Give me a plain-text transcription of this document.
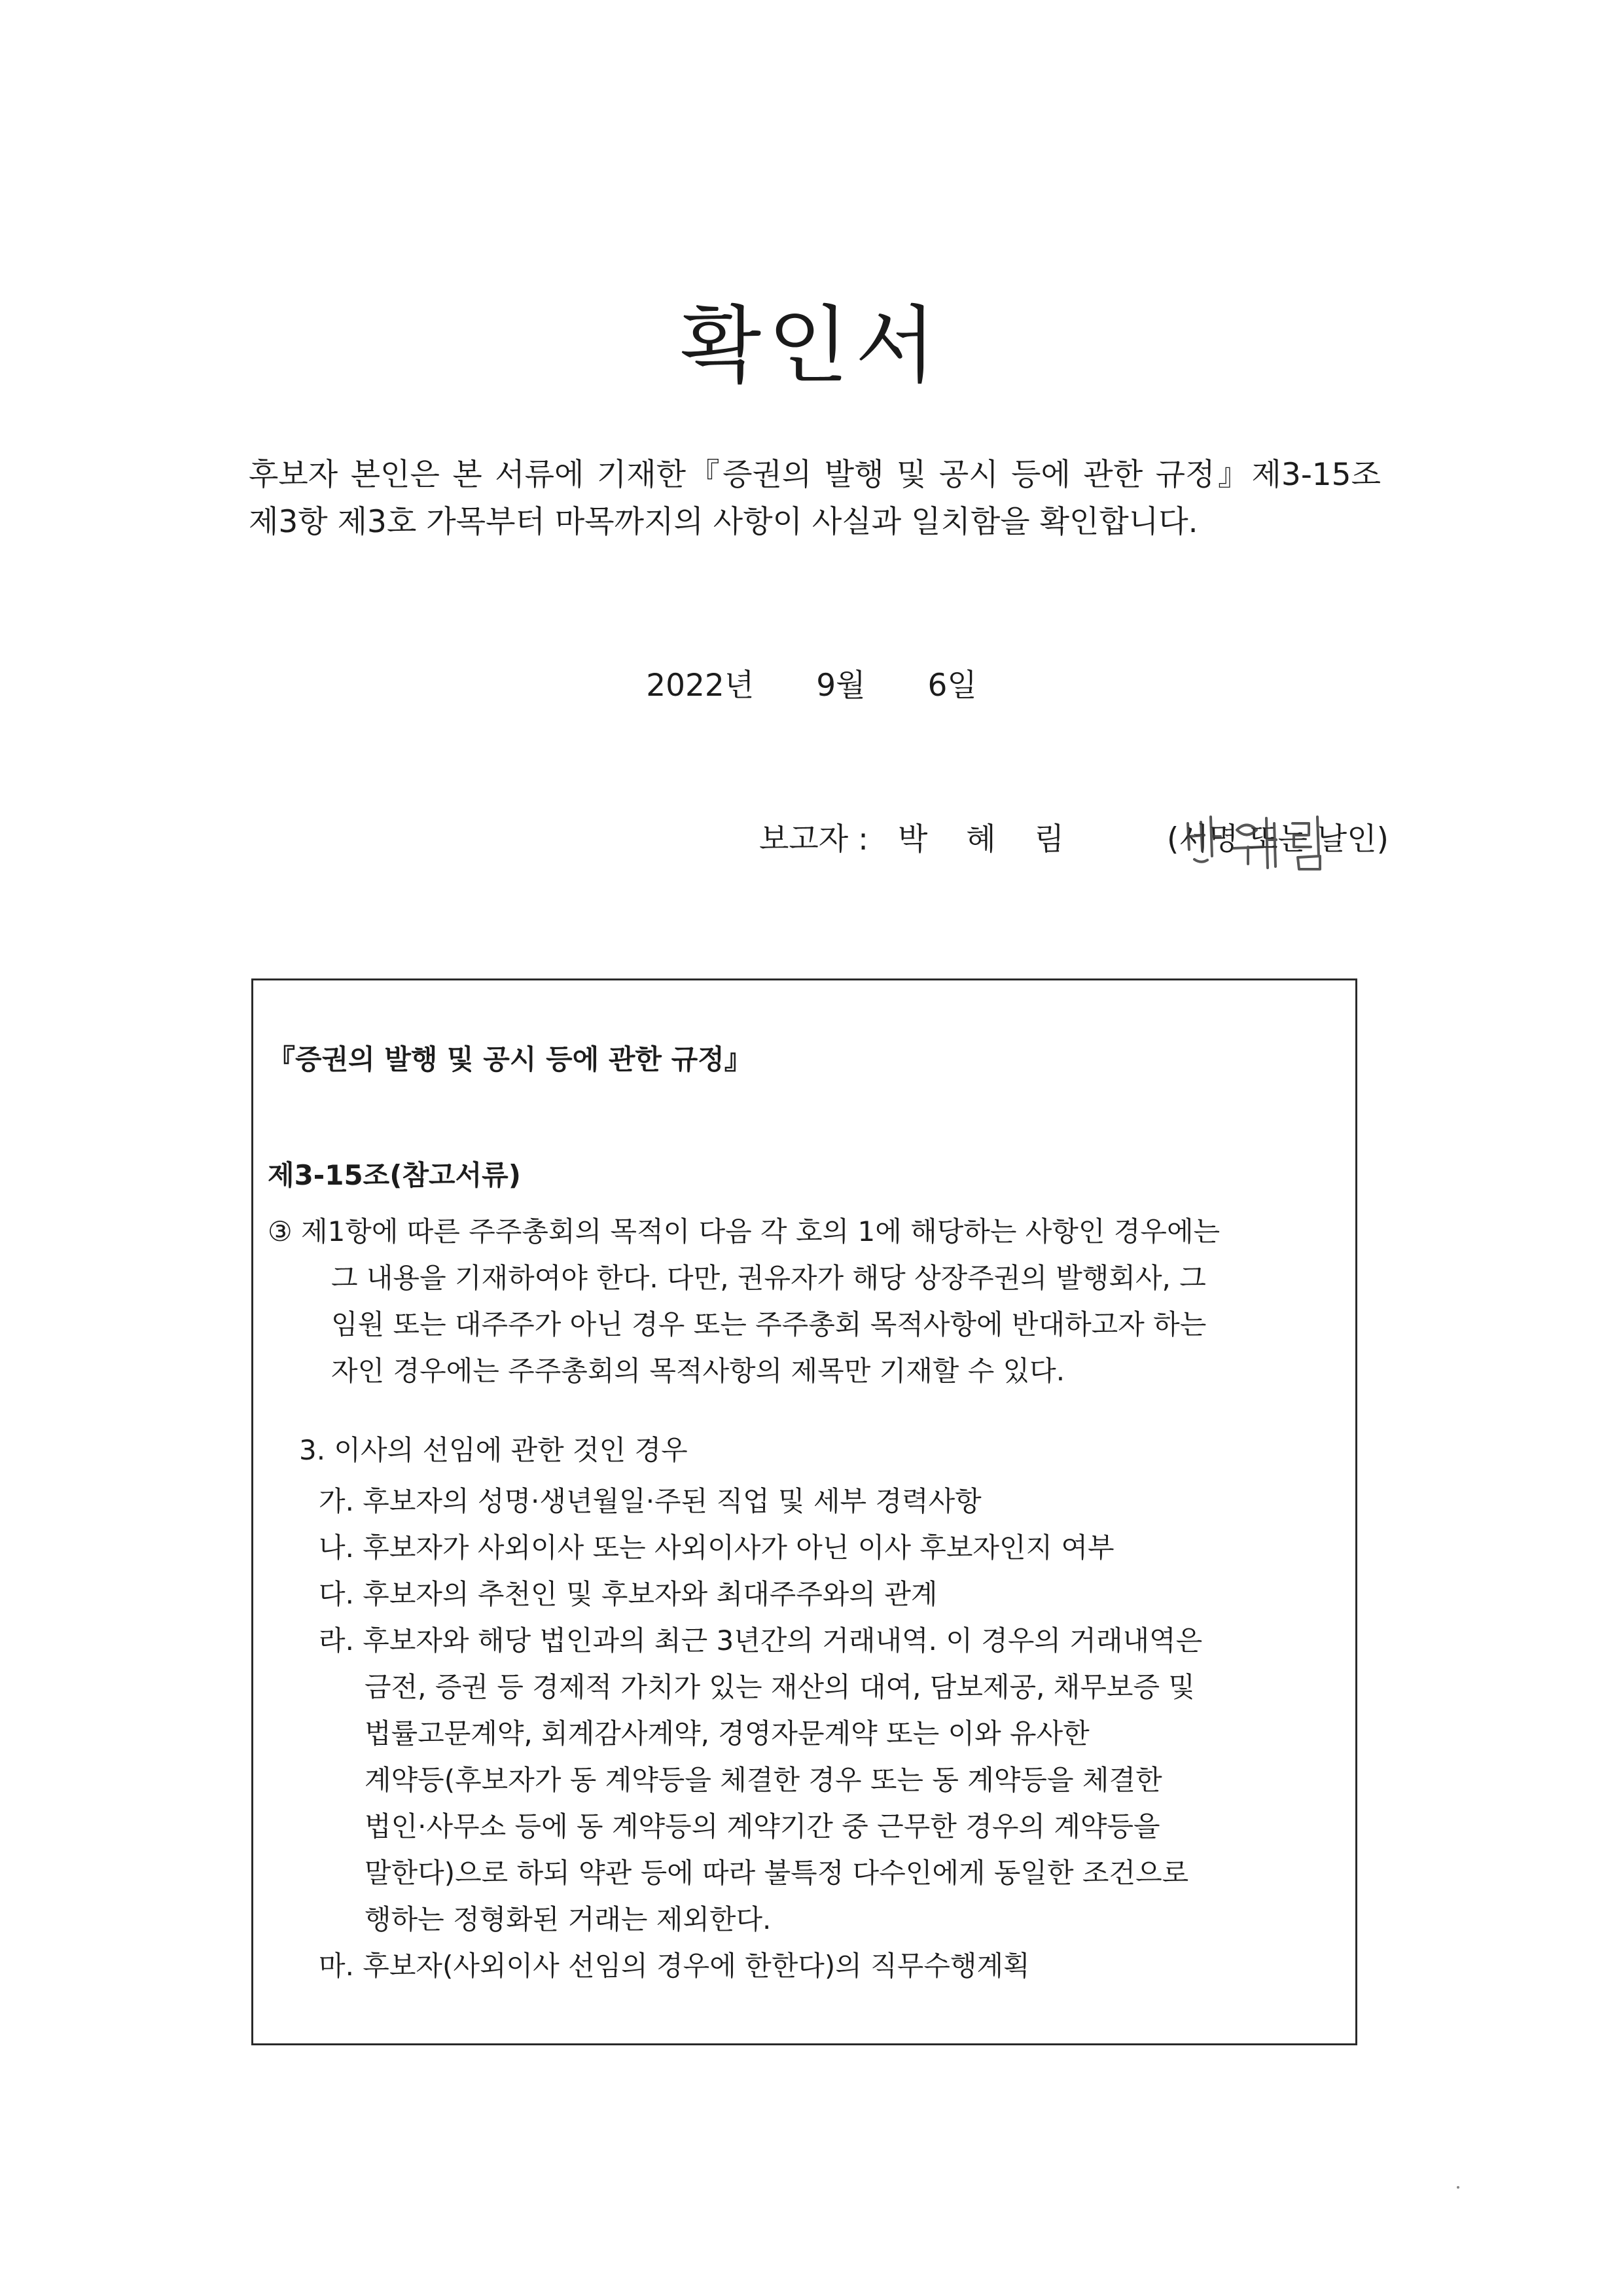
확인서
후보자 본인은 본 서류에 기재한『증권의 발행 및 공시 등에 관한 규정』제3-15조 제3항 제3호 가목부터 마목까지의 사항이 사실과 일치함을 확인합니다.
2022년 9월 6일
보고자 : 박 혜 림	(서명 또는 날인)
『증권의 발행 및 공시 등에 관한 규정』
제3-15조(참고서류)
③ 제1항에 따른 주주총회의 목적이 다음 각 호의 1에 해당하는 사항인 경우에는
그 내용을 기재하여야 한다. 다만, 권유자가 해당 상장주권의 발행회사, 그
임원 또는 대주주가 아닌 경우 또는 주주총회 목적사항에 반대하고자 하는
자인 경우에는 주주총회의 목적사항의 제목만 기재할 수 있다.
3. 이사의 선임에 관한 것인 경우
가. 후보자의 성명·생년월일·주된 직업 및 세부 경력사항
나. 후보자가 사외이사 또는 사외이사가 아닌 이사 후보자인지 여부
다. 후보자의 추천인 및 후보자와 최대주주와의 관계
라. 후보자와 해당 법인과의 최근 3년간의 거래내역. 이 경우의 거래내역은
금전, 증권 등 경제적 가치가 있는 재산의 대여, 담보제공, 채무보증 및
법률고문계약, 회계감사계약, 경영자문계약 또는 이와 유사한
계약등(후보자가 동 계약등을 체결한 경우 또는 동 계약등을 체결한
법인·사무소 등에 동 계약등의 계약기간 중 근무한 경우의 계약등을
말한다)으로 하되 약관 등에 따라 불특정 다수인에게 동일한 조건으로
행하는 정형화된 거래는 제외한다.
마. 후보자(사외이사 선임의 경우에 한한다)의 직무수행계획
